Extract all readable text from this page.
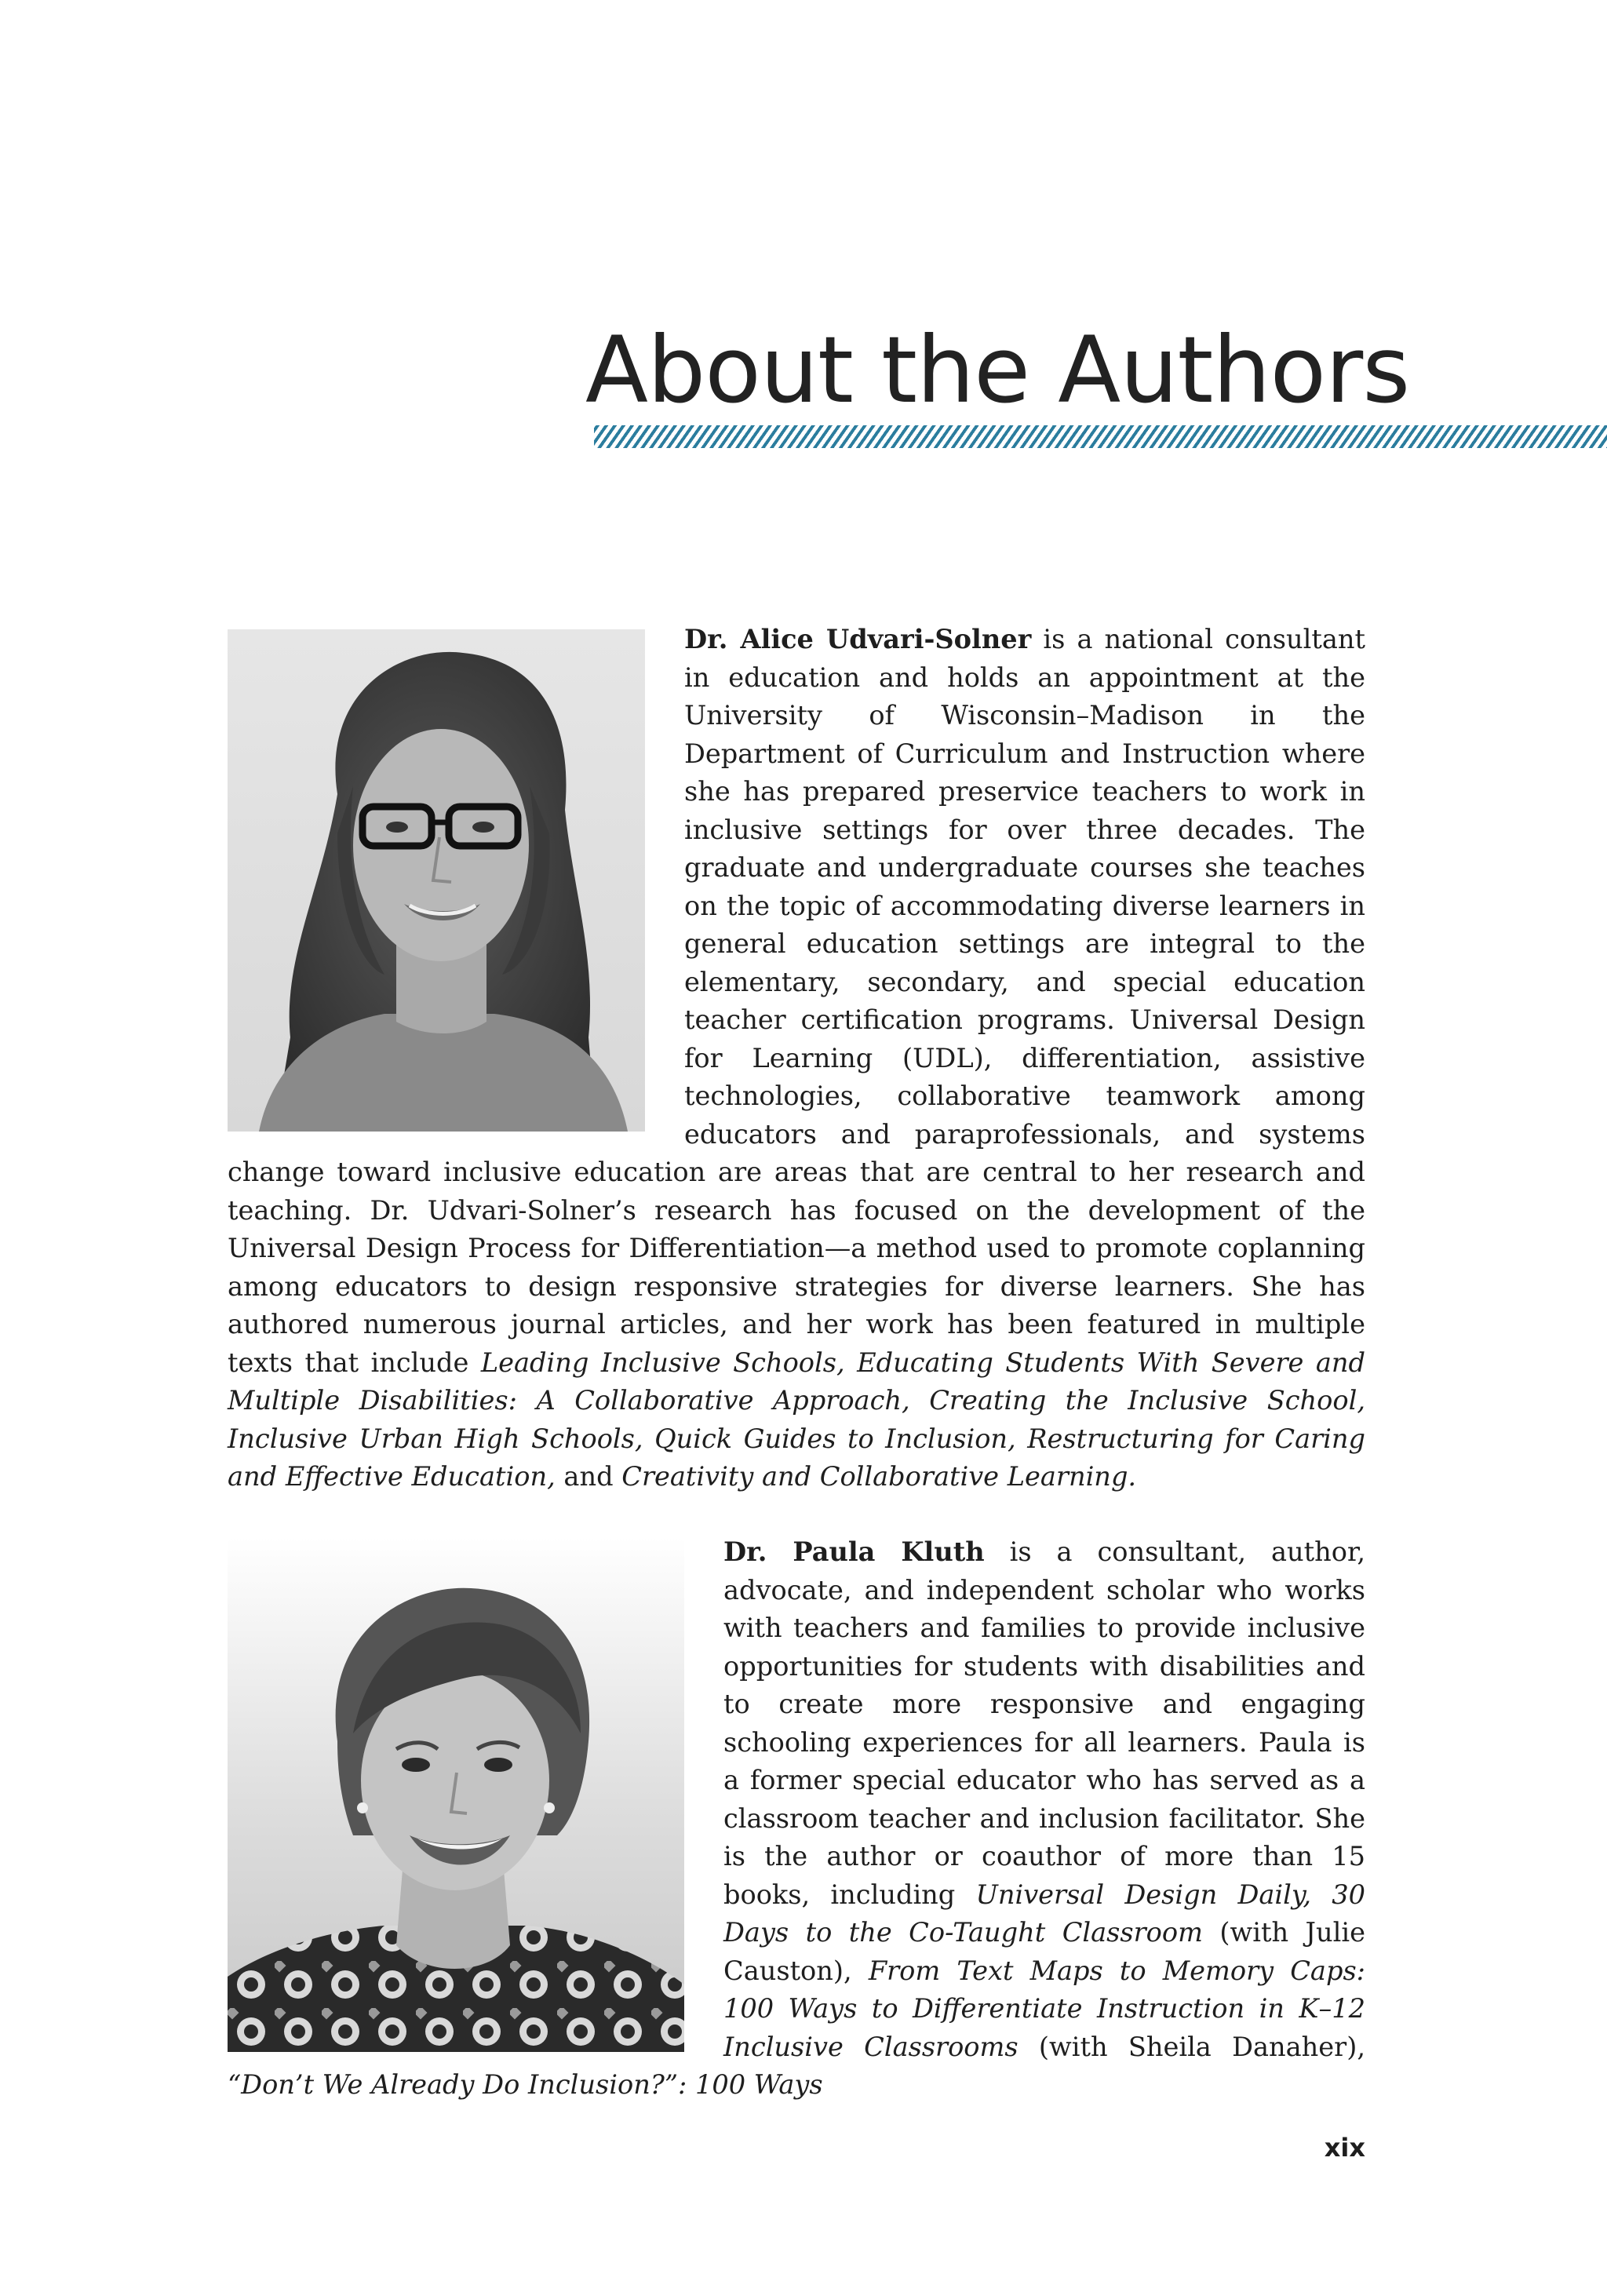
About the Authors

Dr. Alice Udvari-Solner is a national consultant in education and holds an appointment at the University of Wisconsin–Madison in the Department of Curriculum and Instruction where she has prepared preservice teachers to work in inclusive settings for over three decades. The graduate and undergraduate courses she teaches on the topic of accommodating diverse learners in general education settings are integral to the elementary, secondary, and special education teacher certification programs. Universal Design for Learning (UDL), differentiation, assistive technologies, collaborative teamwork among educators and paraprofessionals, and systems change toward inclusive education are areas that are central to her research and teaching. Dr. Udvari-Solner’s research has focused on the development of the Universal Design Process for Differentiation—a method used to promote coplanning among educators to design responsive strategies for diverse learners. She has authored numerous journal articles, and her work has been featured in multiple texts that include Leading Inclusive Schools, Educating Students With Severe and Multiple Disabilities: A Collaborative Approach, Creating the Inclusive School, Inclusive Urban High Schools, Quick Guides to Inclusion, Restructuring for Caring and Effective Education, and Creativity and Collaborative Learning.

Dr. Paula Kluth is a consultant, author, advocate, and independent scholar who works with teachers and families to provide inclusive opportunities for students with disabilities and to create more responsive and engaging schooling experiences for all learners. Paula is a former special educator who has served as a classroom teacher and inclusion facilitator. She is the author or coauthor of more than 15 books, including Universal Design Daily, 30 Days to the Co-Taught Classroom (with Julie Causton), From Text Maps to Memory Caps: 100 Ways to Differentiate Instruction in K–12 Inclusive Classrooms (with Sheila Danaher), “Don’t We Already Do Inclusion?”: 100 Ways

xix
